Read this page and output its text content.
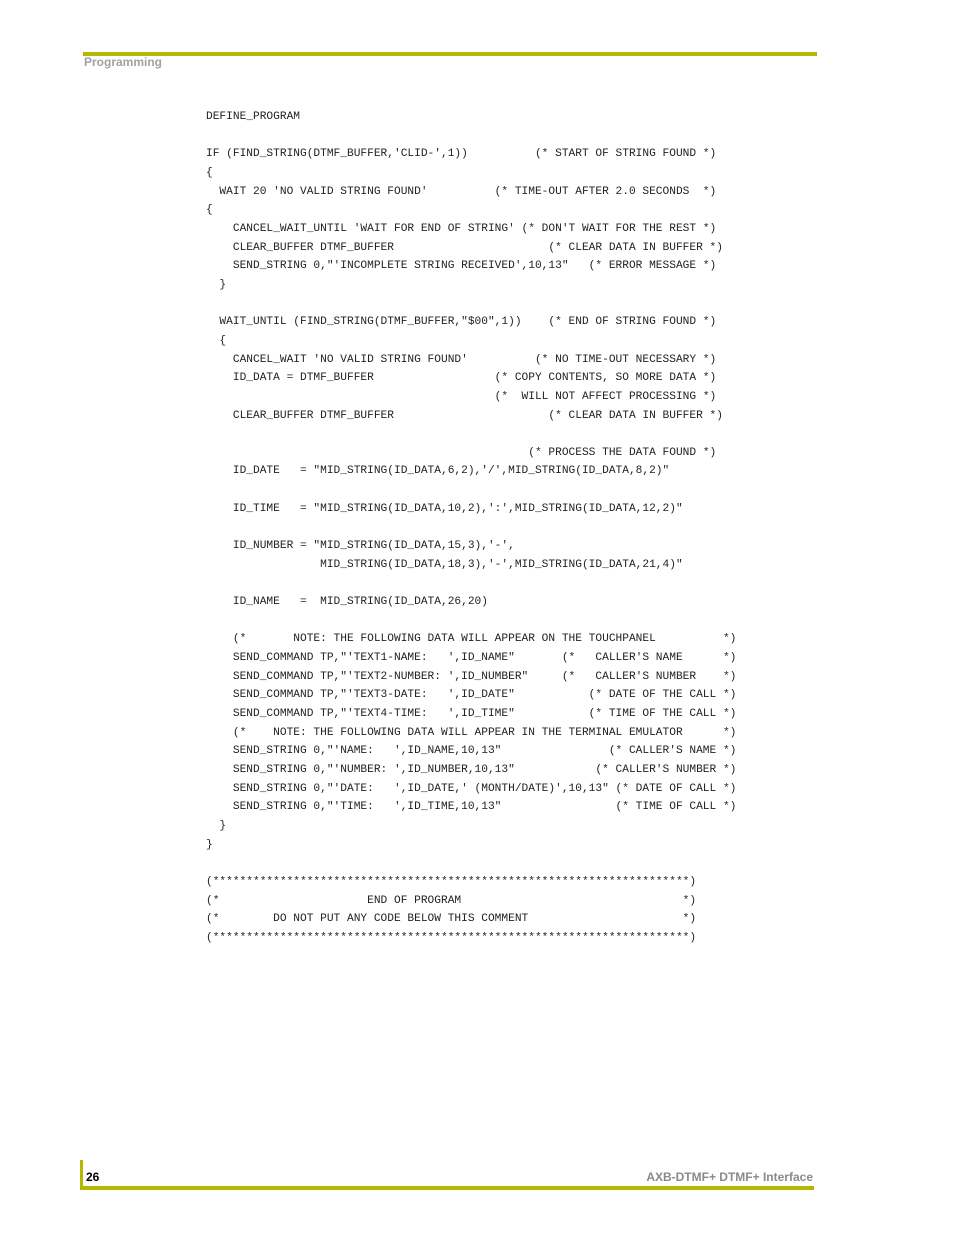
Programming
DEFINE_PROGRAM

IF (FIND_STRING(DTMF_BUFFER,'CLID-',1))          (* START OF STRING FOUND *)
{
WAIT 20 'NO VALID STRING FOUND'          (* TIME-OUT AFTER 2.0 SECONDS  *)
{
CANCEL_WAIT_UNTIL 'WAIT FOR END OF STRING' (* DON'T WAIT FOR THE REST *)
CLEAR_BUFFER DTMF_BUFFER                       (* CLEAR DATA IN BUFFER *)
SEND_STRING 0,"'INCOMPLETE STRING RECEIVED',10,13"   (* ERROR MESSAGE *)
}

WAIT_UNTIL (FIND_STRING(DTMF_BUFFER,"$00",1))    (* END OF STRING FOUND *)
{
CANCEL_WAIT 'NO VALID STRING FOUND'          (* NO TIME-OUT NECESSARY *)
ID_DATA = DTMF_BUFFER                  (* COPY CONTENTS, SO MORE DATA *)
(*  WILL NOT AFFECT PROCESSING *)
CLEAR_BUFFER DTMF_BUFFER                       (* CLEAR DATA IN BUFFER *)

(* PROCESS THE DATA FOUND *)
ID_DATE   = "MID_STRING(ID_DATA,6,2),'/',MID_STRING(ID_DATA,8,2)"

ID_TIME   = "MID_STRING(ID_DATA,10,2),':',MID_STRING(ID_DATA,12,2)"

ID_NUMBER = "MID_STRING(ID_DATA,15,3),'-',
MID_STRING(ID_DATA,18,3),'-',MID_STRING(ID_DATA,21,4)"

ID_NAME   =  MID_STRING(ID_DATA,26,20)

(*       NOTE: THE FOLLOWING DATA WILL APPEAR ON THE TOUCHPANEL          *)
SEND_COMMAND TP,"'TEXT1-NAME:   ',ID_NAME"       (*   CALLER'S NAME      *)
SEND_COMMAND TP,"'TEXT2-NUMBER: ',ID_NUMBER"     (*   CALLER'S NUMBER    *)
SEND_COMMAND TP,"'TEXT3-DATE:   ',ID_DATE"           (* DATE OF THE CALL *)
SEND_COMMAND TP,"'TEXT4-TIME:   ',ID_TIME"           (* TIME OF THE CALL *)
(*    NOTE: THE FOLLOWING DATA WILL APPEAR IN THE TERMINAL EMULATOR      *)
SEND_STRING 0,"'NAME:   ',ID_NAME,10,13"                (* CALLER'S NAME *)
SEND_STRING 0,"'NUMBER: ',ID_NUMBER,10,13"            (* CALLER'S NUMBER *)
SEND_STRING 0,"'DATE:   ',ID_DATE,' (MONTH/DATE)',10,13" (* DATE OF CALL *)
SEND_STRING 0,"'TIME:   ',ID_TIME,10,13"                 (* TIME OF CALL *)
}
}

(***********************************************************************)
(*                      END OF PROGRAM                                 *)
(*        DO NOT PUT ANY CODE BELOW THIS COMMENT                       *)
(***********************************************************************)
26	AXB-DTMF+ DTMF+ Interface
